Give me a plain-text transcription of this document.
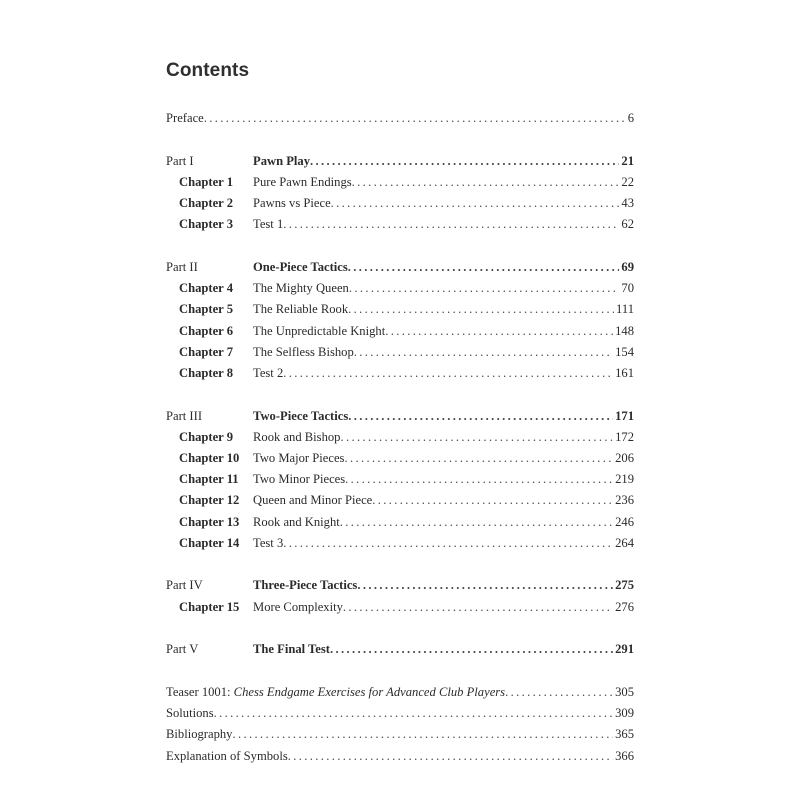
Contents
Preface . . .	6
Part I	Pawn Play . . .	21
Chapter 1	Pure Pawn Endings . . .	22
Chapter 2	Pawns vs Piece . . .	43
Chapter 3	Test 1 . . .	62
Part II	One-Piece Tactics . . .	69
Chapter 4	The Mighty Queen . . .	70
Chapter 5	The Reliable Rook . . .	111
Chapter 6	The Unpredictable Knight . . .	148
Chapter 7	The Selfless Bishop . . .	154
Chapter 8	Test 2 . . .	161
Part III	Two-Piece Tactics . . .	171
Chapter 9	Rook and Bishop . . .	172
Chapter 10	Two Major Pieces . . .	206
Chapter 11	Two Minor Pieces . . .	219
Chapter 12	Queen and Minor Piece . . .	236
Chapter 13	Rook and Knight . . .	246
Chapter 14	Test 3 . . .	264
Part IV	Three-Piece Tactics . . .	275
Chapter 15	More Complexity . . .	276
Part V	The Final Test . . .	291
Teaser 1001: Chess Endgame Exercises for Advanced Club Players . . .	305
Solutions . . .	309
Bibliography . . .	365
Explanation of Symbols . . .	366
